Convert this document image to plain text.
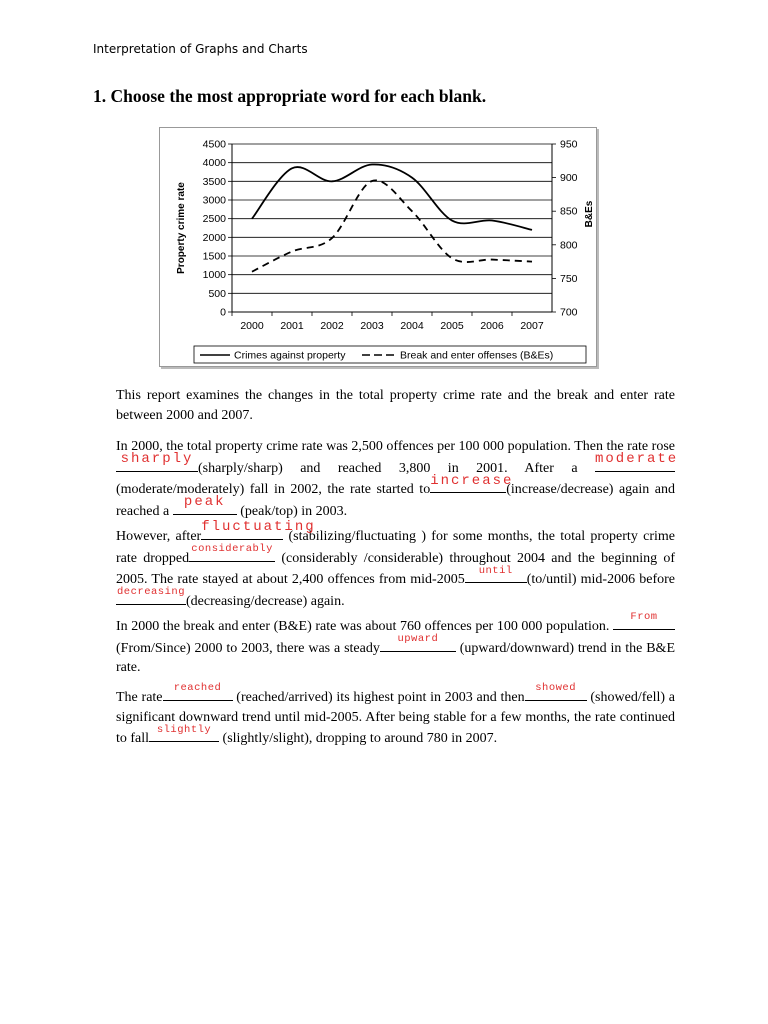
Interpretation of Graphs and Charts
1. Choose the most appropriate word for each blank.
0
500
1000
1500
2000
2500
3000
3500
4000
4500
700
750
800
850
900
950
2000 2001 2002 2003 2004 2005 2006 2007
Property crime rate	B&Es
Crimes against property	Break and enter offenses (B&Es)

This report examines the changes in the total property crime rate and the break and enter rate between 2000 and 2007.

In 2000, the total property crime rate was 2,500 offences per 100 000 population. Then the rate rose
sharply
(sharply/sharp) and reached 3,800 in 2001. After a
moderate
(moderate/moderately) fall in 2002, the rate started to
increase
(increase/decrease) again and reached a
peak
(peak/top) in 2003.

However, after
fluctuating
(stabilizing/fluctuating ) for some months, the total property crime rate dropped
considerably
(considerably /considerable) throughout 2004 and the beginning of 2005. The rate stayed at about 2,400 offences from mid-2005
until
(to/until) mid-2006 before
decreasing
(decreasing/decrease) again.

In 2000 the break and enter (B&E) rate was about 760 offences per 100 000 population.
From
(From/Since) 2000 to 2003, there was a steady
upward
(upward/downward) trend in the B&E rate.

The rate
reached
(reached/arrived) its highest point in 2003 and then
showed
(showed/fell) a significant downward trend until mid-2005. After being stable for a few months, the rate continued to fall
slightly
(slightly/slight), dropping to around 780 in 2007.
